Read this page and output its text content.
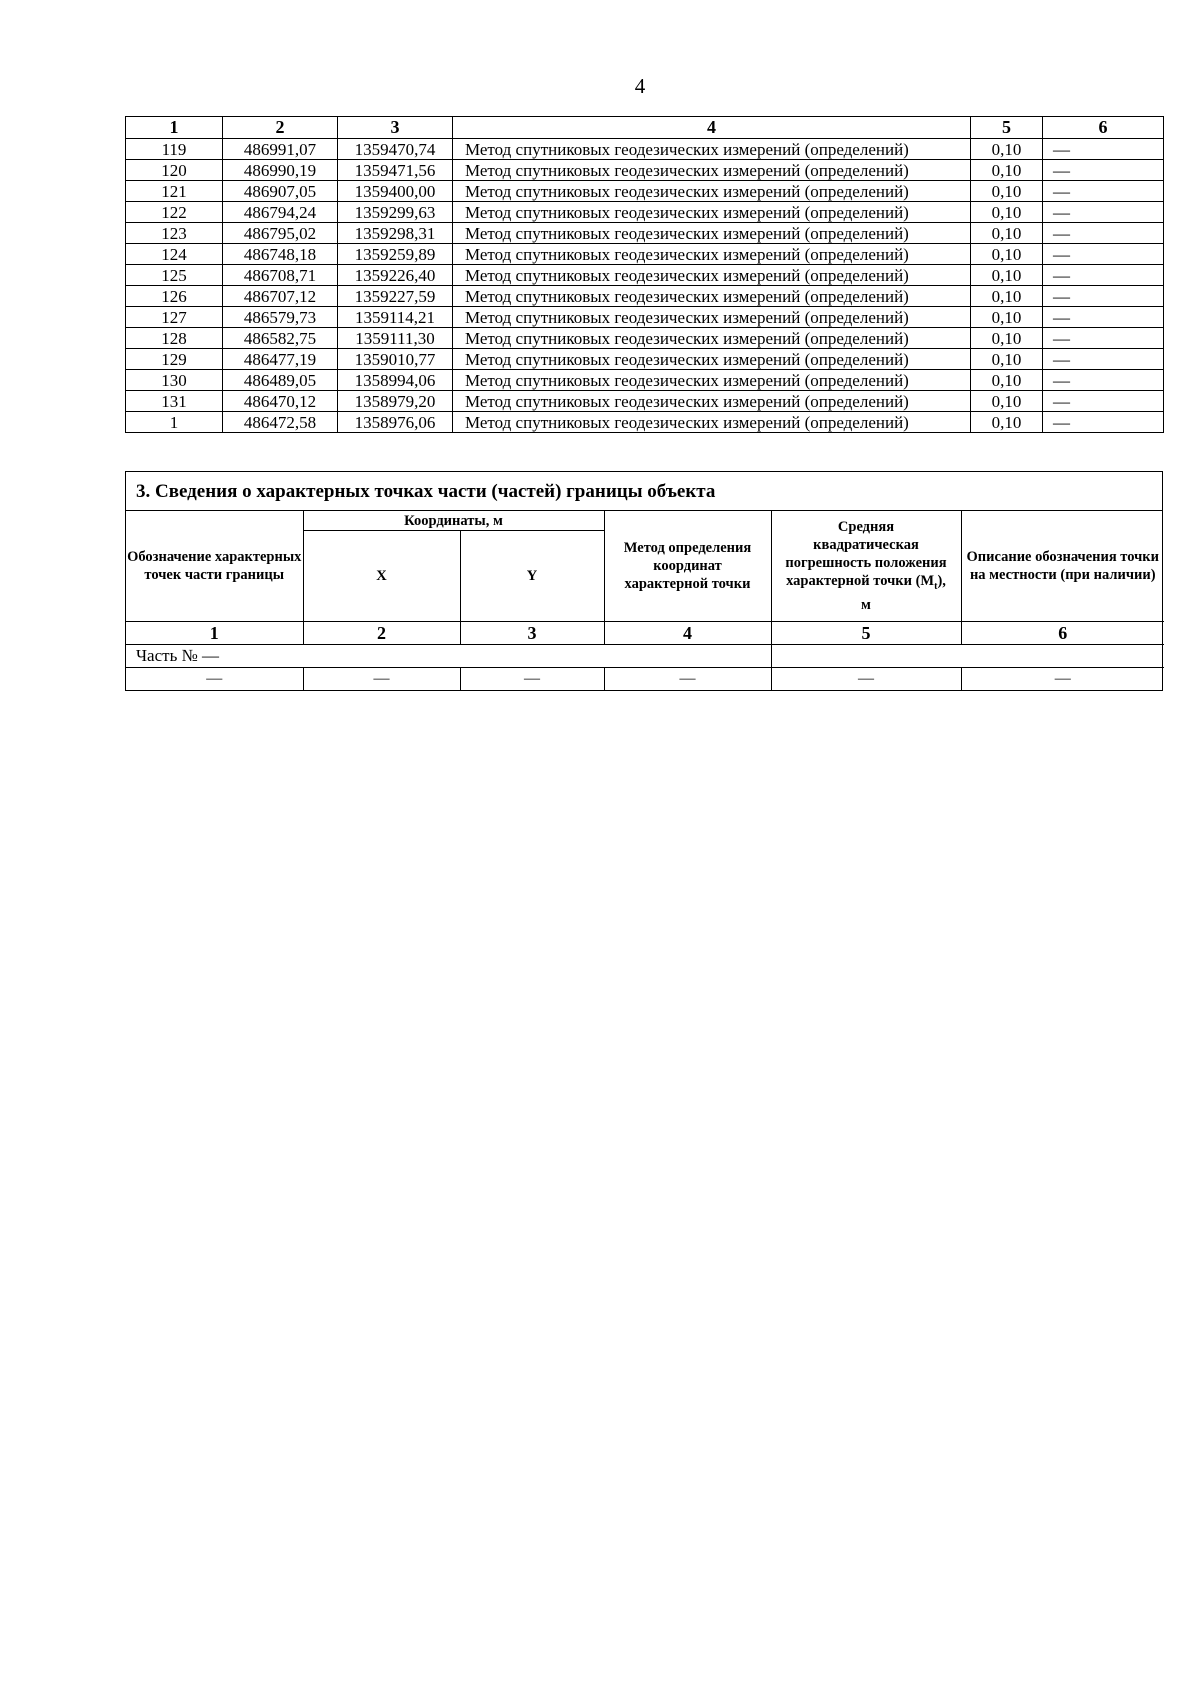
4
1	2	3	4	5	6
119	486991,07	1359470,74	Метод спутниковых геодезических измерений (определений)	0,10	—
120	486990,19	1359471,56	Метод спутниковых геодезических измерений (определений)	0,10	—
121	486907,05	1359400,00	Метод спутниковых геодезических измерений (определений)	0,10	—
122	486794,24	1359299,63	Метод спутниковых геодезических измерений (определений)	0,10	—
123	486795,02	1359298,31	Метод спутниковых геодезических измерений (определений)	0,10	—
124	486748,18	1359259,89	Метод спутниковых геодезических измерений (определений)	0,10	—
125	486708,71	1359226,40	Метод спутниковых геодезических измерений (определений)	0,10	—
126	486707,12	1359227,59	Метод спутниковых геодезических измерений (определений)	0,10	—
127	486579,73	1359114,21	Метод спутниковых геодезических измерений (определений)	0,10	—
128	486582,75	1359111,30	Метод спутниковых геодезических измерений (определений)	0,10	—
129	486477,19	1359010,77	Метод спутниковых геодезических измерений (определений)	0,10	—
130	486489,05	1358994,06	Метод спутниковых геодезических измерений (определений)	0,10	—
131	486470,12	1358979,20	Метод спутниковых геодезических измерений (определений)	0,10	—
1	486472,58	1358976,06	Метод спутниковых геодезических измерений (определений)	0,10	—
3. Сведения о характерных точках части (частей) границы объекта
Обозначение характерных точек части границы	Координаты, м		Метод определения координат характерной точки	Средняя квадратическая погрешность положения характерной точки $(M_t)$, м	Описание обозначения точки на местности (при наличии)
	X	Y			
1	2	3	4	5	6
Часть № —					
—	—	—	—	—	—
